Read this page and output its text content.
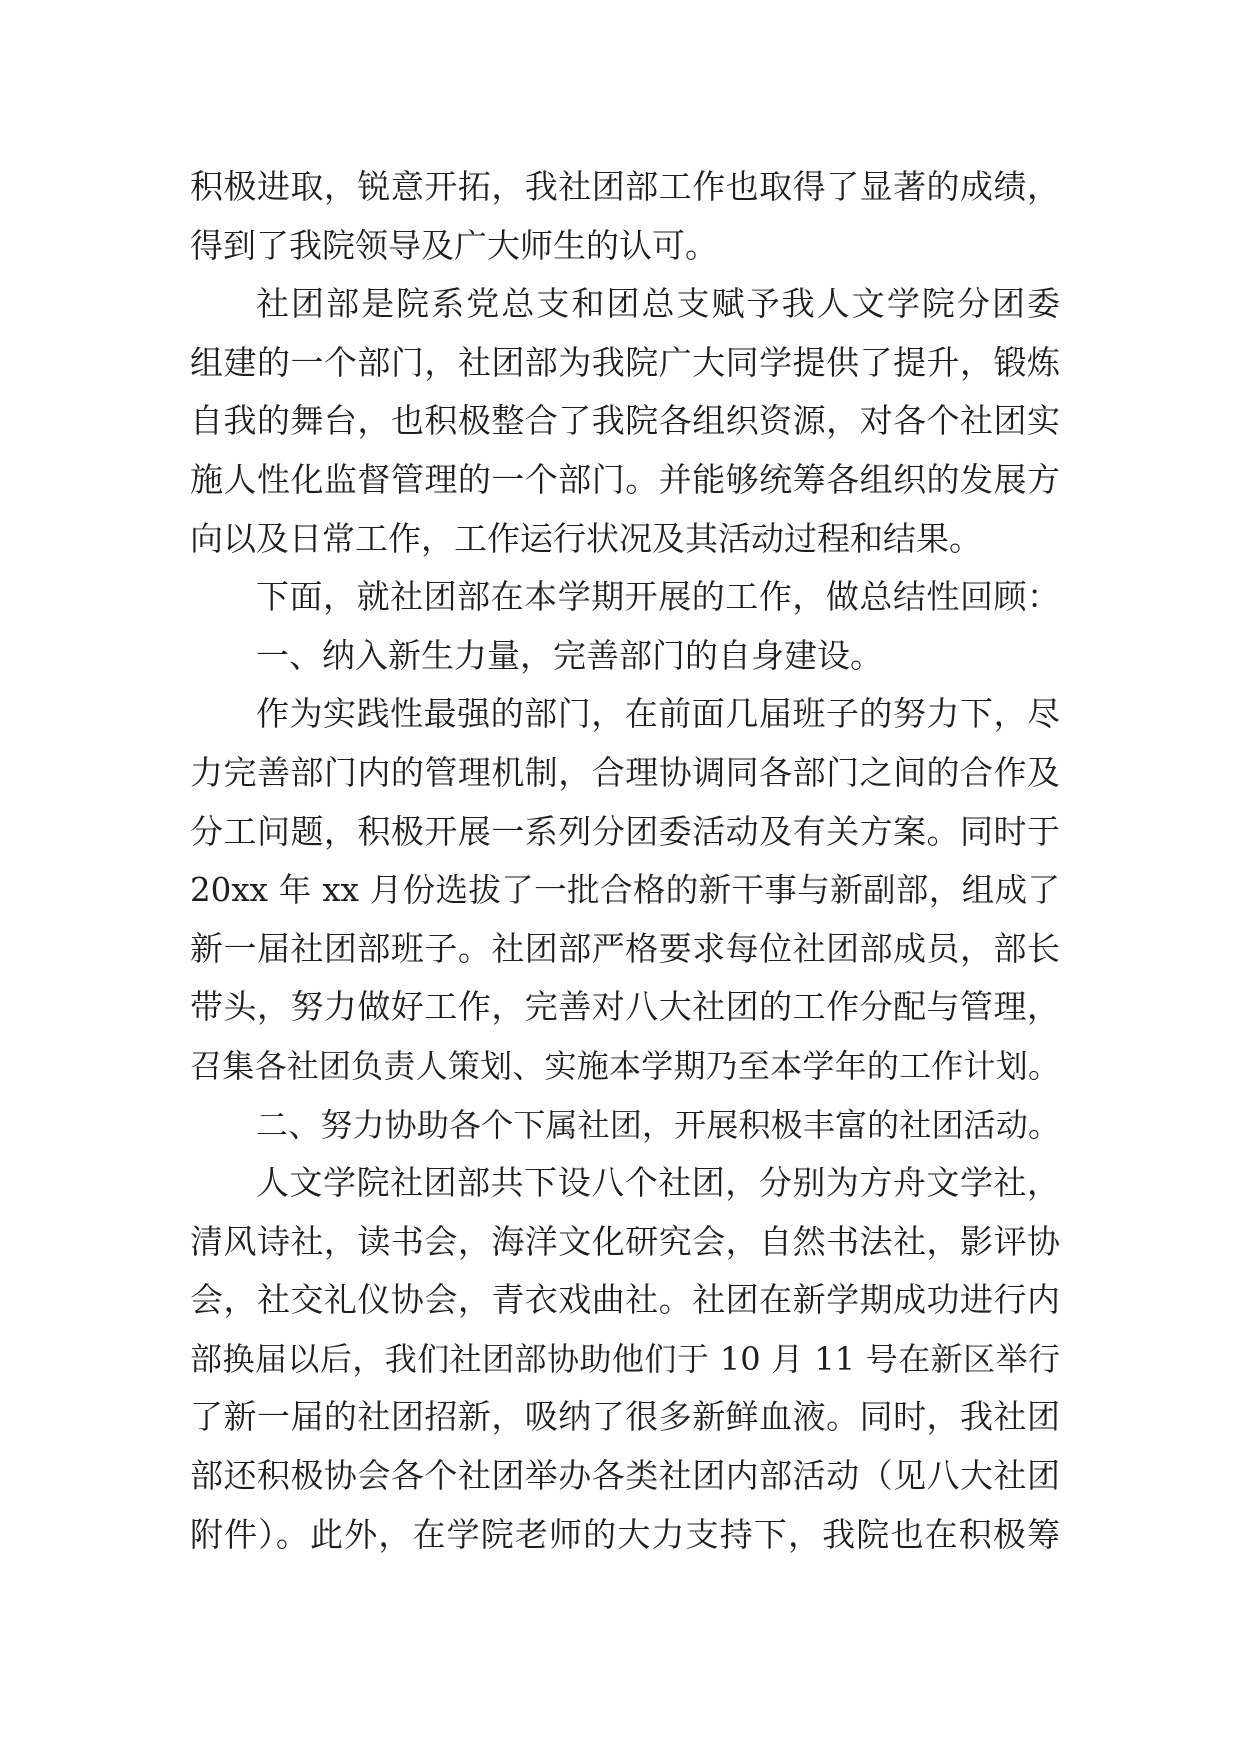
积极进取，锐意开拓，我社团部工作也取得了显著的成绩，
得到了我院领导及广大师生的认可。
社团部是院系党总支和团总支赋予我人文学院分团委
组建的一个部门，社团部为我院广大同学提供了提升，锻炼
自我的舞台，也积极整合了我院各组织资源，对各个社团实
施人性化监督管理的一个部门。并能够统筹各组织的发展方
向以及日常工作，工作运行状况及其活动过程和结果。
下面，就社团部在本学期开展的工作，做总结性回顾：
一、纳入新生力量，完善部门的自身建设。
作为实践性最强的部门，在前面几届班子的努力下，尽
力完善部门内的管理机制，合理协调同各部门之间的合作及
分工问题，积极开展一系列分团委活动及有关方案。同时于
20xx 年 xx 月份选拔了一批合格的新干事与新副部，组成了
新一届社团部班子。社团部严格要求每位社团部成员，部长
带头，努力做好工作，完善对八大社团的工作分配与管理，
召集各社团负责人策划、实施本学期乃至本学年的工作计划。
二、努力协助各个下属社团，开展积极丰富的社团活动。
人文学院社团部共下设八个社团，分别为方舟文学社，
清风诗社，读书会，海洋文化研究会，自然书法社，影评协
会，社交礼仪协会，青衣戏曲社。社团在新学期成功进行内
部换届以后，我们社团部协助他们于 10 月 11 号在新区举行
了新一届的社团招新，吸纳了很多新鲜血液。同时，我社团
部还积极协会各个社团举办各类社团内部活动（见八大社团
附件）。此外，在学院老师的大力支持下，我院也在积极筹
